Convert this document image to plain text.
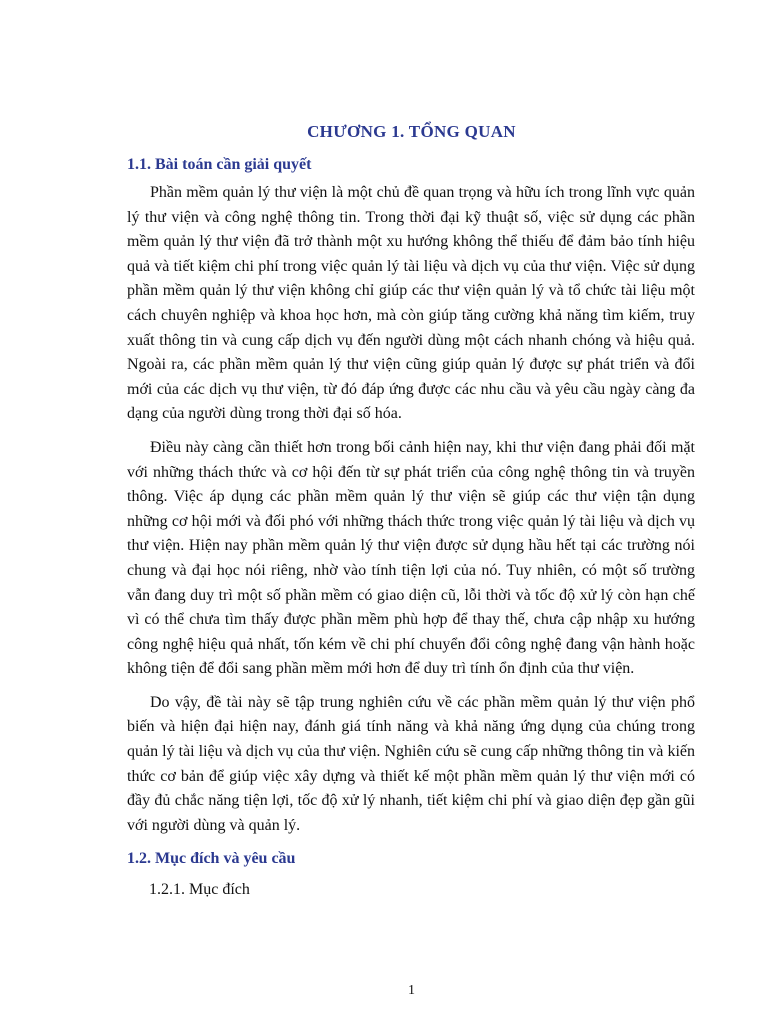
CHƯƠNG 1. TỔNG QUAN
1.1. Bài toán cần giải quyết

Phần mềm quản lý thư viện là một chủ đề quan trọng và hữu ích trong lĩnh vực quản lý thư viện và công nghệ thông tin. Trong thời đại kỹ thuật số, việc sử dụng các phần mềm quản lý thư viện đã trở thành một xu hướng không thể thiếu để đảm bảo tính hiệu quả và tiết kiệm chi phí trong việc quản lý tài liệu và dịch vụ của thư viện. Việc sử dụng phần mềm quản lý thư viện không chỉ giúp các thư viện quản lý và tổ chức tài liệu một cách chuyên nghiệp và khoa học hơn, mà còn giúp tăng cường khả năng tìm kiếm, truy xuất thông tin và cung cấp dịch vụ đến người dùng một cách nhanh chóng và hiệu quả. Ngoài ra, các phần mềm quản lý thư viện cũng giúp quản lý được sự phát triển và đổi mới của các dịch vụ thư viện, từ đó đáp ứng được các nhu cầu và yêu cầu ngày càng đa dạng của người dùng trong thời đại số hóa.

Điều này càng cần thiết hơn trong bối cảnh hiện nay, khi thư viện đang phải đối mặt với những thách thức và cơ hội đến từ sự phát triển của công nghệ thông tin và truyền thông. Việc áp dụng các phần mềm quản lý thư viện sẽ giúp các thư viện tận dụng những cơ hội mới và đối phó với những thách thức trong việc quản lý tài liệu và dịch vụ thư viện. Hiện nay phần mềm quản lý thư viện được sử dụng hầu hết tại các trường nói chung và đại học nói riêng, nhờ vào tính tiện lợi của nó. Tuy nhiên, có một số trường vẫn đang duy trì một số phần mềm có giao diện cũ, lỗi thời và tốc độ xử lý còn hạn chế vì có thể chưa tìm thấy được phần mềm phù hợp để thay thế, chưa cập nhập xu hướng công nghệ hiệu quả nhất, tốn kém về chi phí chuyển đổi công nghệ đang vận hành hoặc không tiện để đổi sang phần mềm mới hơn để duy trì tính ổn định của thư viện.

Do vậy, đề tài này sẽ tập trung nghiên cứu về các phần mềm quản lý thư viện phổ biến và hiện đại hiện nay, đánh giá tính năng và khả năng ứng dụng của chúng trong quản lý tài liệu và dịch vụ của thư viện. Nghiên cứu sẽ cung cấp những thông tin và kiến thức cơ bản để giúp việc xây dựng và thiết kế một phần mềm quản lý thư viện mới có đầy đủ chắc năng tiện lợi, tốc độ xử lý nhanh, tiết kiệm chi phí và giao diện đẹp gần gũi với người dùng và quản lý.

1.2. Mục đích và yêu cầu
1.2.1. Mục đích
1
